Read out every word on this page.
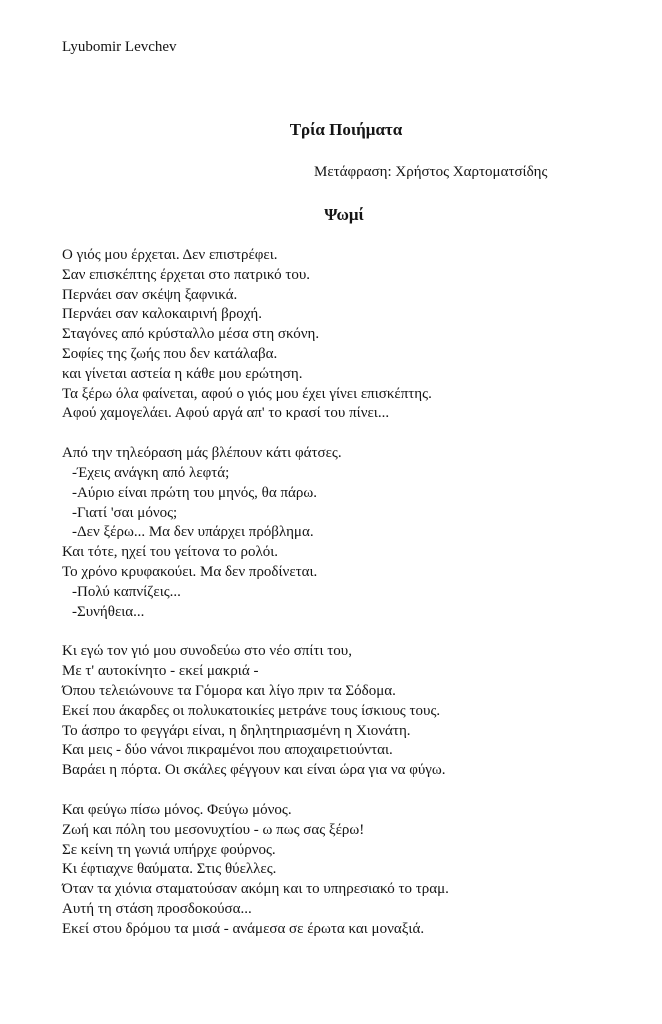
Lyubomir Levchev
Τρία Ποιήματα
Μετάφραση: Χρήστος Χαρτοματσίδης
Ψωμί
Ο γιός μου έρχεται. Δεν επιστρέφει.
Σαν επισκέπτης έρχεται στο πατρικό του.
Περνάει σαν σκέψη ξαφνικά.
Περνάει σαν καλοκαιρινή βροχή.
Σταγόνες από κρύσταλλο μέσα στη σκόνη.
Σοφίες της ζωής που δεν κατάλαβα.
και γίνεται αστεία η κάθε μου ερώτηση.
Τα ξέρω όλα φαίνεται, αφού ο γιός μου έχει γίνει επισκέπτης.
Αφού χαμογελάει. Αφού αργά απ' το κρασί του πίνει...
Από την τηλεόραση μάς βλέπουν κάτι φάτσες.
-Έχεις ανάγκη από λεφτά;
-Αύριο είναι πρώτη του μηνός, θα πάρω.
-Γιατί 'σαι μόνος;
-Δεν ξέρω... Μα δεν υπάρχει πρόβλημα.
Και τότε, ηχεί του γείτονα το ρολόι.
Το χρόνο κρυφακούει. Μα δεν προδίνεται.
-Πολύ καπνίζεις...
-Συνήθεια...
Κι εγώ τον γιό μου συνοδεύω στο νέο σπίτι του,
Με τ' αυτοκίνητο - εκεί μακριά -
Όπου τελειώνουνε τα Γόμορα και λίγο πριν τα Σόδομα.
Εκεί που άκαρδες οι πολυκατοικίες μετράνε τους ίσκιους τους.
Το άσπρο το φεγγάρι είναι, η δηλητηριασμένη η Χιονάτη.
Και μεις - δύο νάνοι πικραμένοι που αποχαιρετιούνται.
Βαράει η πόρτα. Οι σκάλες φέγγουν και είναι ώρα για να φύγω.
Και φεύγω πίσω μόνος. Φεύγω μόνος.
Ζωή και πόλη του μεσονυχτίου - ω πως σας ξέρω!
Σε κείνη τη γωνιά υπήρχε φούρνος.
Κι έφτιαχνε θαύματα. Στις θύελλες.
Όταν τα χιόνια σταματούσαν ακόμη και το υπηρεσιακό το τραμ.
Αυτή τη στάση προσδοκούσα...
Εκεί στου δρόμου τα μισά - ανάμεσα σε έρωτα και μοναξιά.
